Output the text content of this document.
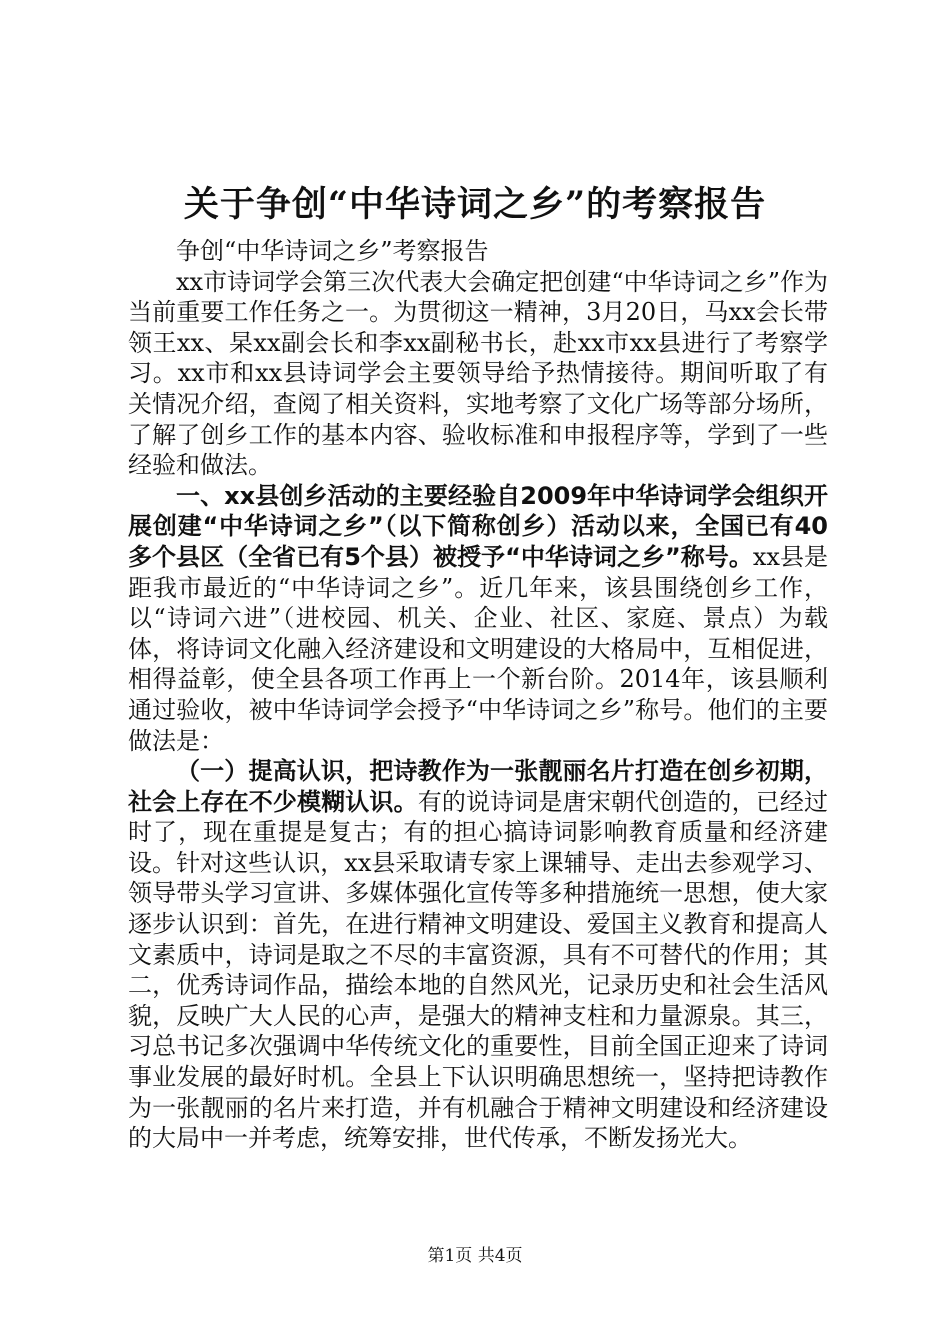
关于争创“中华诗词之乡”的考察报告

争创“中华诗词之乡”考察报告

xx市诗词学会第三次代表大会确定把创建“中华诗词之乡”作为当前重要工作任务之一。为贯彻这一精神，3月20日，马xx会长带领王xx、杲xx副会长和李xx副秘书长，赴xx市xx县进行了考察学习。xx市和xx县诗词学会主要领导给予热情接待。期间听取了有关情况介绍，查阅了相关资料，实地考察了文化广场等部分场所，了解了创乡工作的基本内容、验收标准和申报程序等，学到了一些经验和做法。

一、xx县创乡活动的主要经验自2009年中华诗词学会组织开展创建“中华诗词之乡”（以下简称创乡）活动以来，全国已有40多个县区（全省已有5个县）被授予“中华诗词之乡”称号。xx县是距我市最近的“中华诗词之乡”。近几年来，该县围绕创乡工作，以“诗词六进”（进校园、机关、企业、社区、家庭、景点）为载体，将诗词文化融入经济建设和文明建设的大格局中，互相促进，相得益彰，使全县各项工作再上一个新台阶。2014年，该县顺利通过验收，被中华诗词学会授予“中华诗词之乡”称号。他们的主要做法是：

（一）提高认识，把诗教作为一张靓丽名片打造在创乡初期，社会上存在不少模糊认识。有的说诗词是唐宋朝代创造的，已经过时了，现在重提是复古；有的担心搞诗词影响教育质量和经济建设。针对这些认识，xx县采取请专家上课辅导、走出去参观学习、领导带头学习宣讲、多媒体强化宣传等多种措施统一思想，使大家逐步认识到：首先，在进行精神文明建设、爱国主义教育和提高人文素质中，诗词是取之不尽的丰富资源，具有不可替代的作用；其二，优秀诗词作品，描绘本地的自然风光，记录历史和社会生活风貌，反映广大人民的心声，是强大的精神支柱和力量源泉。其三，习总书记多次强调中华传统文化的重要性，目前全国正迎来了诗词事业发展的最好时机。全县上下认识明确思想统一，坚持把诗教作为一张靓丽的名片来打造，并有机融合于精神文明建设和经济建设的大局中一并考虑，统筹安排，世代传承，不断发扬光大。

第1页 共4页
